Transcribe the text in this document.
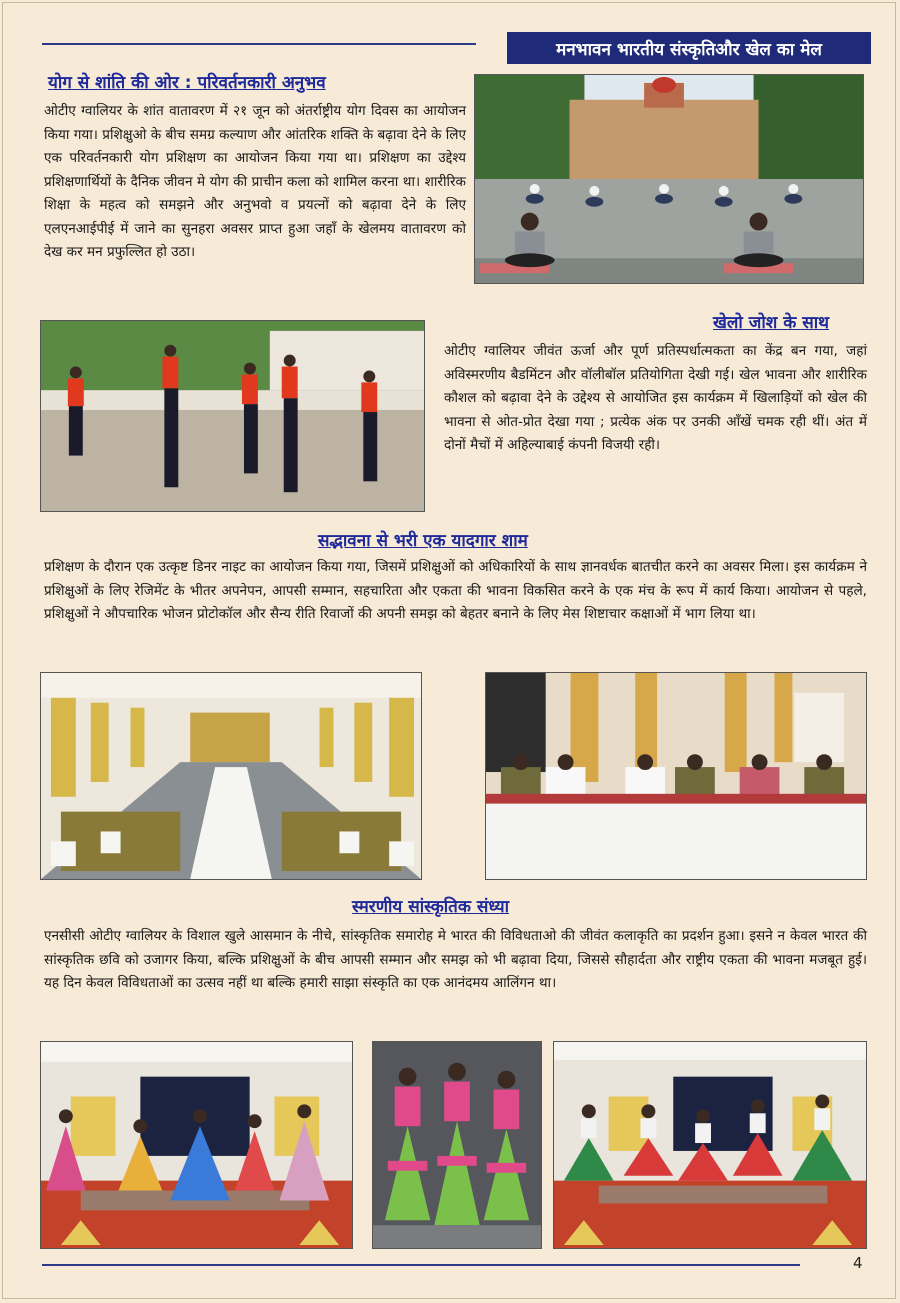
मनभावन भारतीय संस्कृतिऔर खेल का मेल
योग से शांति की ओर : परिवर्तनकारी अनुभव

ओटीए ग्वालियर के शांत वातावरण में २१ जून को अंतर्राष्ट्रीय योग दिवस का आयोजन किया गया। प्रशिक्षुओ के बीच समग्र कल्याण और आंतरिक शक्ति के बढ़ावा देने के लिए एक परिवर्तनकारी योग प्रशिक्षण का आयोजन किया गया था। प्रशिक्षण का उद्देश्य प्रशिक्षणार्थियों के दैनिक जीवन मे योग की प्राचीन कला को शामिल करना था। शारीरिक शिक्षा के महत्व को समझने और अनुभवो व प्रयत्नों को बढ़ावा देने के लिए एलएनआईपीई में जाने का सुनहरा अवसर प्राप्त हुआ जहाँ के खेलमय वातावरण को देख कर मन प्रफुल्लित हो उठा।

खेलो जोश के साथ

ओटीए ग्वालियर जीवंत ऊर्जा और पूर्ण प्रतिस्पर्धात्मकता का केंद्र बन गया, जहां अविस्मरणीय बैडमिंटन और वॉलीबॉल प्रतियोगिता देखी गई। खेल भावना और शारीरिक कौशल को बढ़ावा देने के उद्देश्य से आयोजित इस कार्यक्रम में खिलाड़ियों को खेल की भावना से ओत-प्रोत देखा गया ; प्रत्येक अंक पर उनकी आँखें चमक रही थीं। अंत में दोनों मैचों में अहिल्याबाई कंपनी विजयी रही।

सद्भावना से भरी एक यादगार शाम

प्रशिक्षण के दौरान एक उत्कृष्ट डिनर नाइट का आयोजन किया गया, जिसमें प्रशिक्षुओं को अधिकारियों के साथ ज्ञानवर्धक बातचीत करने का अवसर मिला। इस कार्यक्रम ने प्रशिक्षुओं के लिए रेजिमेंट के भीतर अपनेपन, आपसी सम्मान, सहचारिता और एकता की भावना विकसित करने के एक मंच के रूप में कार्य किया। आयोजन से पहले, प्रशिक्षुओं ने औपचारिक भोजन प्रोटोकॉल और सैन्य रीति रिवाजों की अपनी समझ को बेहतर बनाने के लिए मेस शिष्टाचार कक्षाओं में भाग लिया था।

स्मरणीय सांस्कृतिक संध्या

एनसीसी ओटीए ग्वालियर के विशाल खुले आसमान के नीचे, सांस्कृतिक समारोह मे भारत की विविधताओ की जीवंत कलाकृति का प्रदर्शन हुआ। इसने न केवल भारत की सांस्कृतिक छवि को उजागर किया, बल्कि प्रशिक्षुओं के बीच आपसी सम्मान और समझ को भी बढ़ावा दिया, जिससे सौहार्दता और राष्ट्रीय एकता की भावना मजबूत हुई। यह दिन केवल विविधताओं का उत्सव नहीं था बल्कि हमारी साझा संस्कृति का एक आनंदमय आलिंगन था।

4
